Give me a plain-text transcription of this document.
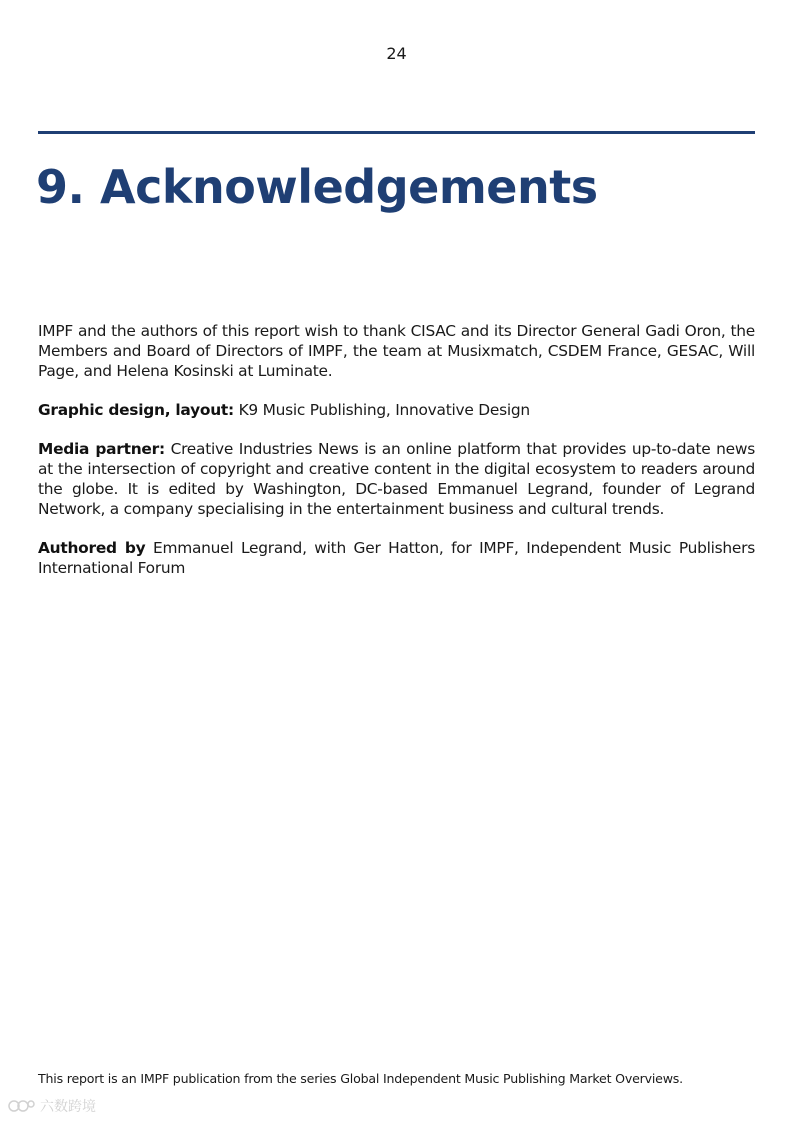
24
9. Acknowledgements

IMPF and the authors of this report wish to thank CISAC and its Director General Gadi Oron, the Members and Board of Directors of IMPF, the team at Musixmatch, CSDEM France, GESAC, Will Page, and Helena Kosinski at Luminate.

Graphic design, layout: K9 Music Publishing, Innovative Design

Media partner: Creative Industries News is an online platform that provides up-to-date news at the intersection of copyright and creative content in the digital ecosystem to readers around the globe. It is edited by Washington, DC-based Emmanuel Legrand, founder of Legrand Network, a company specialising in the entertainment business and cultural trends.

Authored by Emmanuel Legrand, with Ger Hatton, for IMPF, Independent Music Publishers International Forum

This report is an IMPF publication from the series Global Independent Music Publishing Market Overviews.
六数跨境
